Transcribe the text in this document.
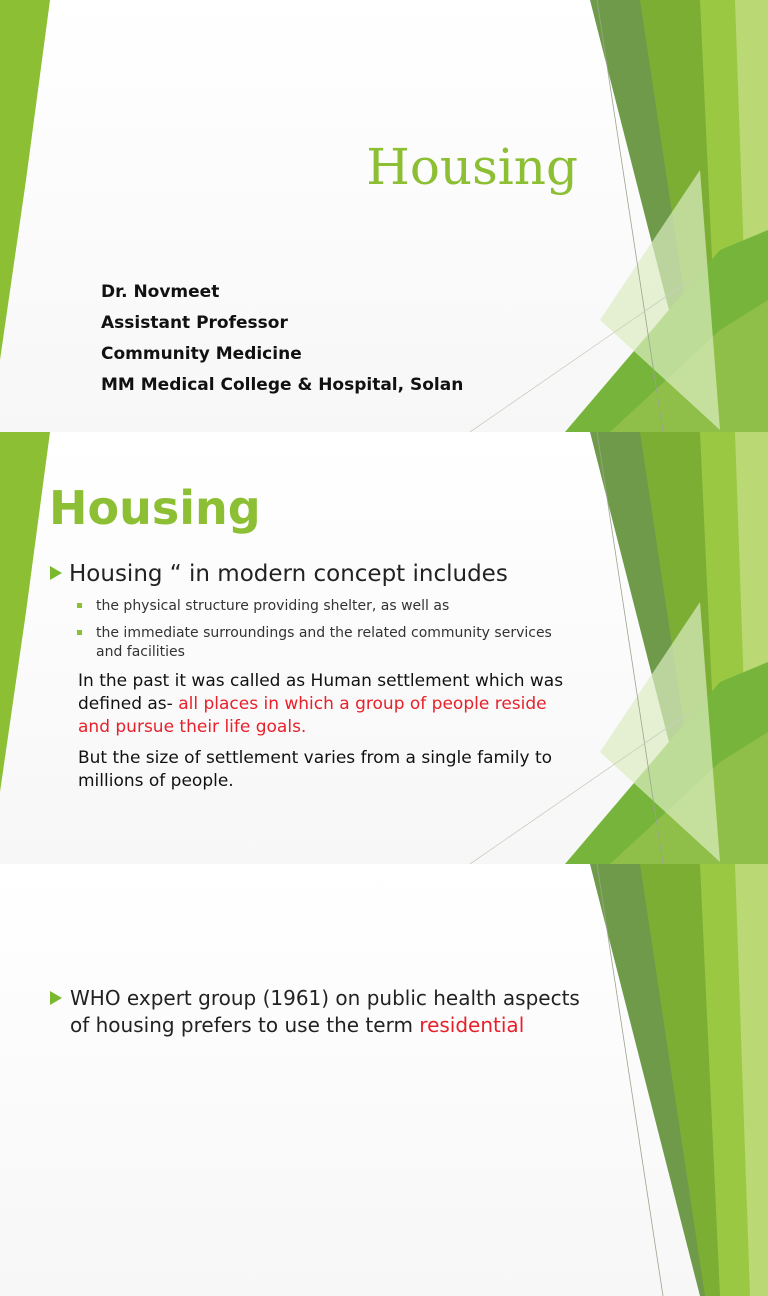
Housing
Dr. Novmeet
Assistant Professor
Community Medicine
MM Medical College & Hospital, Solan
Housing
Housing “ in modern concept includes
the physical structure providing shelter, as well as
the immediate surroundings and the related community services and facilities

In the past it was called as Human settlement which was defined as- all places in which a group of people reside and pursue their life goals.

But the size of settlement varies from a single family to millions of people.

WHO expert group (1961) on public health aspects of housing prefers to use the term residential
